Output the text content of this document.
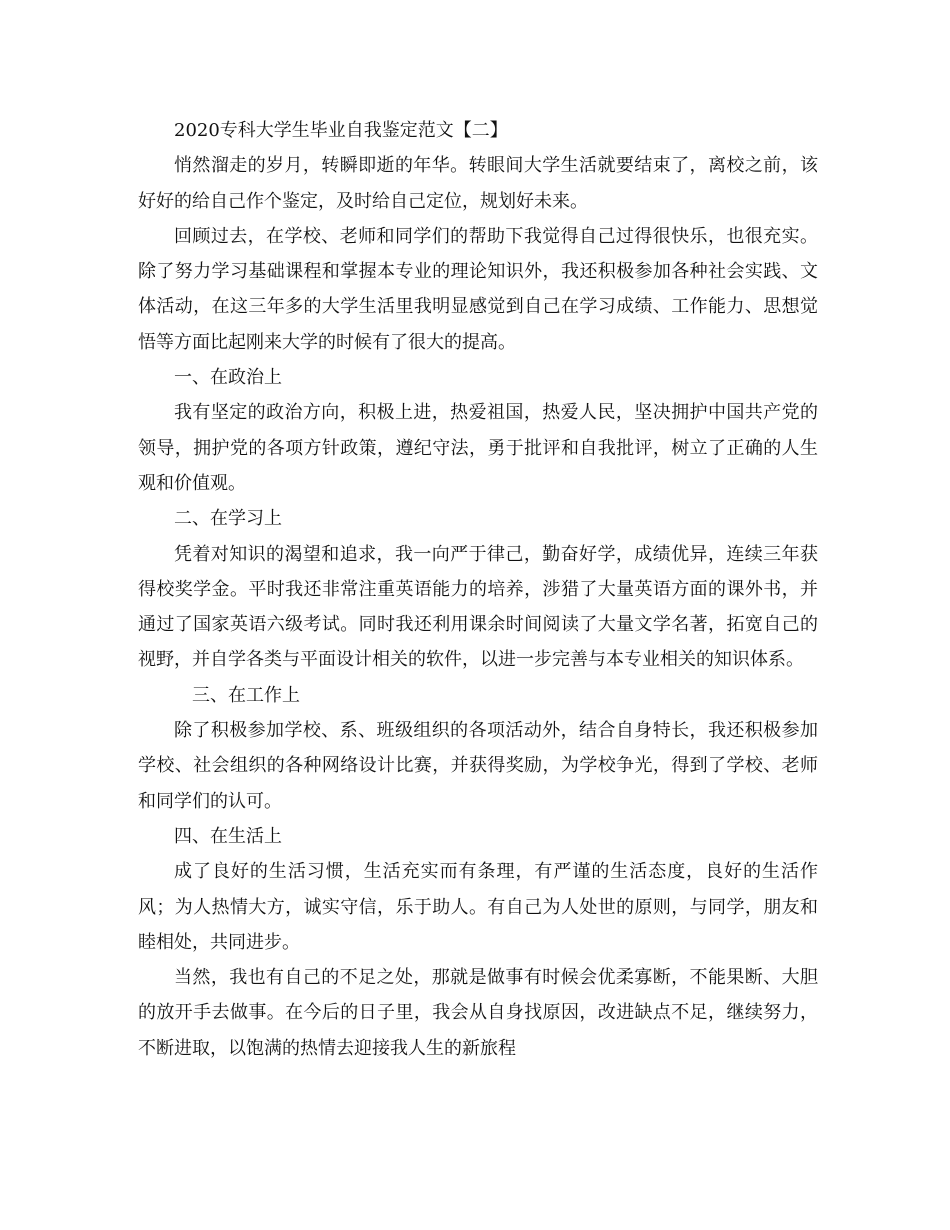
2020专科大学生毕业自我鉴定范文【二】

悄然溜走的岁月，转瞬即逝的年华。转眼间大学生活就要结束了，离校之前，该好好的给自己作个鉴定，及时给自己定位，规划好未来。

回顾过去，在学校、老师和同学们的帮助下我觉得自己过得很快乐，也很充实。除了努力学习基础课程和掌握本专业的理论知识外，我还积极参加各种社会实践、文体活动，在这三年多的大学生活里我明显感觉到自己在学习成绩、工作能力、思想觉悟等方面比起刚来大学的时候有了很大的提高。

一、在政治上

我有坚定的政治方向，积极上进，热爱祖国，热爱人民，坚决拥护中国共产党的领导，拥护党的各项方针政策，遵纪守法，勇于批评和自我批评，树立了正确的人生观和价值观。

二、在学习上

凭着对知识的渴望和追求，我一向严于律己，勤奋好学，成绩优异，连续三年获得校奖学金。平时我还非常注重英语能力的培养，涉猎了大量英语方面的课外书，并通过了国家英语六级考试。同时我还利用课余时间阅读了大量文学名著，拓宽自己的视野，并自学各类与平面设计相关的软件，以进一步完善与本专业相关的知识体系。

三、在工作上

除了积极参加学校、系、班级组织的各项活动外，结合自身特长，我还积极参加学校、社会组织的各种网络设计比赛，并获得奖励，为学校争光，得到了学校、老师和同学们的认可。

四、在生活上

成了良好的生活习惯，生活充实而有条理，有严谨的生活态度，良好的生活作风；为人热情大方，诚实守信，乐于助人。有自己为人处世的原则，与同学，朋友和睦相处，共同进步。

当然，我也有自己的不足之处，那就是做事有时候会优柔寡断，不能果断、大胆的放开手去做事。在今后的日子里，我会从自身找原因，改进缺点不足，继续努力，不断进取，以饱满的热情去迎接我人生的新旅程
